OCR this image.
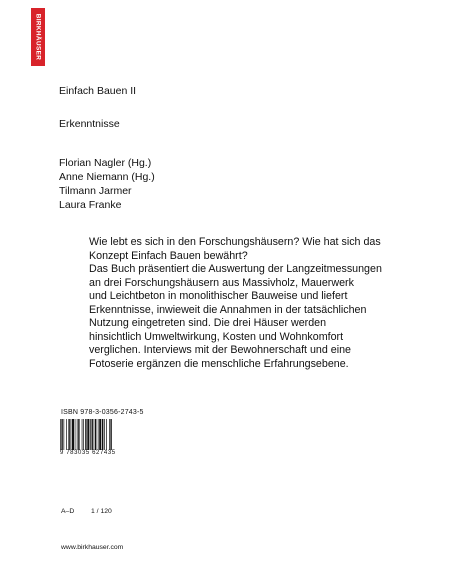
BIRKHÄUSER
Einfach Bauen II
Erkenntnisse
Florian Nagler (Hg.)
Anne Niemann (Hg.)
Tilmann Jarmer
Laura Franke

Wie lebt es sich in den Forschungshäusern? Wie hat sich das

Konzept Einfach Bauen bewährt?

Das Buch präsentiert die Auswertung der Langzeitmessungen

an drei Forschungshäusern aus Massivholz, Mauerwerk

und Leichtbeton in monolithischer Bauweise und liefert

Erkenntnisse, inwieweit die Annahmen in der tatsächlichen

Nutzung eingetreten sind. Die drei Häuser werden

hinsichtlich Umweltwirkung, Kosten und Wohnkomfort

verglichen. Interviews mit der Bewohnerschaft und eine

Fotoserie ergänzen die menschliche Erfahrungsebene.

ISBN 978-3-0356-2743-5
9 783035 627435
A–D 1 / 120
www.birkhauser.com
